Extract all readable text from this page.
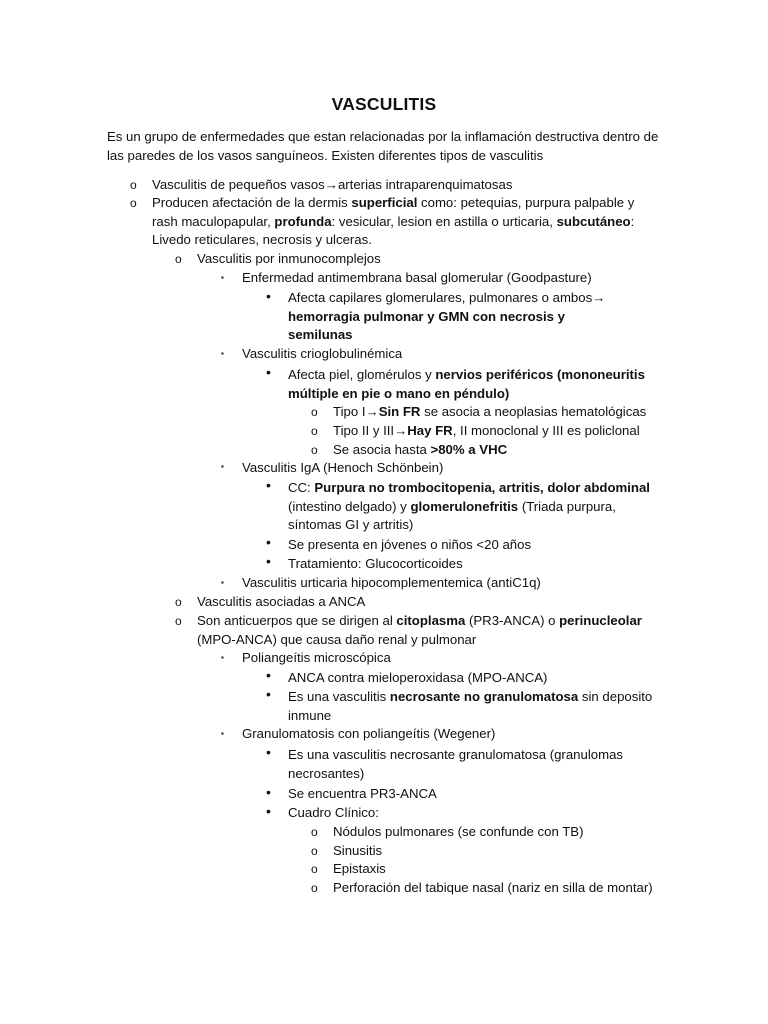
VASCULITIS
Es un grupo de enfermedades que estan relacionadas por la inflamación destructiva dentro de las paredes de los vasos sanguíneos. Existen diferentes tipos de vasculitis
o Vasculitis de pequeños vasos→arterias intraparenquimatosas
o Producen afectación de la dermis superficial como: petequias, purpura palpable y rash maculopapular, profunda: vesicular, lesion en astilla o urticaria, subcutáneo: Livedo reticulares, necrosis y ulceras.
o Vasculitis por inmunocomplejos
▪ Enfermedad antimembrana basal glomerular (Goodpasture)
• Afecta capilares glomerulares, pulmonares o ambos→hemorragia pulmonar y GMN con necrosis y semilunas
▪ Vasculitis crioglobulinémica
• Afecta piel, glomérulos y nervios periféricos (mononeuritis múltiple en pie o mano en péndulo)
o Tipo I→Sin FR se asocia a neoplasias hematológicas
o Tipo II y III→Hay FR, II monoclonal y III es policlonal
o Se asocia hasta >80% a VHC
▪ Vasculitis IgA (Henoch Schönbein)
• CC: Purpura no trombocitopenia, artritis, dolor abdominal (intestino delgado) y glomerulonefritis (Triada purpura, síntomas GI y artritis)
• Se presenta en jóvenes o niños <20 años
• Tratamiento: Glucocorticoides
▪ Vasculitis urticaria hipocomplementemica (antiC1q)
o Vasculitis asociadas a ANCA
o Son anticuerpos que se dirigen al citoplasma (PR3-ANCA) o perinucleolar (MPO-ANCA) que causa daño renal y pulmonar
▪ Poliangeítis microscópica
• ANCA contra mieloperoxidasa (MPO-ANCA)
• Es una vasculitis necrosante no granulomatosa sin deposito inmune
▪ Granulomatosis con poliangeítis (Wegener)
• Es una vasculitis necrosante granulomatosa (granulomas necrosantes)
• Se encuentra PR3-ANCA
• Cuadro Clínico:
o Nódulos pulmonares (se confunde con TB)
o Sinusitis
o Epistaxis
o Perforación del tabique nasal (nariz en silla de montar)
